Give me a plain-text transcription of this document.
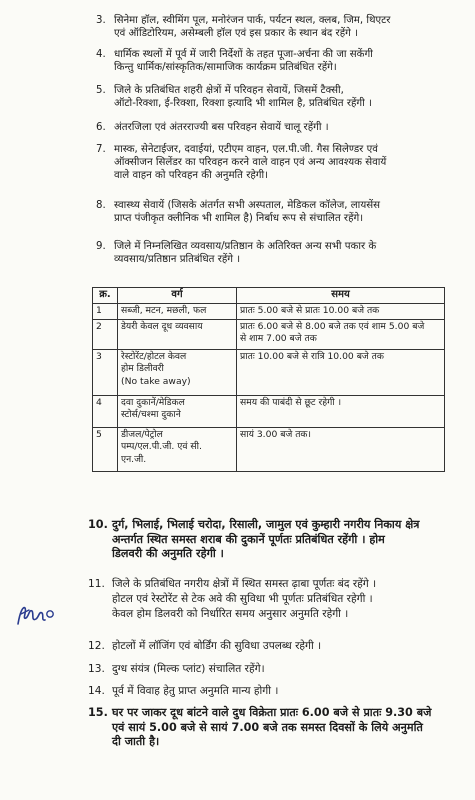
3. सिनेमा हॉल, स्वीमिंग पूल, मनोरंजन पार्क, पर्यटन स्थल, क्लब, जिम, थिएटर
एवं ऑडिटोरियम, असेम्बली हॉल एवं इस प्रकार के स्थान बंद रहेंगे ।
4. धार्मिक स्थलों में पूर्व में जारी निर्देशों के तहत पूजा-अर्चना की जा सकेंगी
किन्तु धार्मिक/सांस्कृतिक/सामाजिक कार्यक्रम प्रतिबंधित रहेंगे।
5. जिले के प्रतिबंधित शहरी क्षेत्रों में परिवहन सेवायें, जिसमें टैक्सी,
ऑटो-रिक्शा, ई-रिक्शा, रिक्शा इत्यादि भी शामिल है, प्रतिबंधित रहेंगी ।
6. अंतरजिला एवं अंतरराज्यी बस परिवहन सेवायें चालू रहेंगी ।
7. मास्क, सेनेटाईजर, दवाईयां, एटीएम वाहन, एल.पी.जी. गैस सिलेण्डर एवं
ऑक्सीजन सिलेंडर का परिवहन करने वाले वाहन एवं अन्य आवश्यक सेवायें
वाले वाहन को परिवहन की अनुमति रहेगी।
8. स्वास्थ्य सेवायें (जिसके अंतर्गत सभी अस्पताल, मेडिकल कॉलेज, लायसेंस
प्राप्त पंजीकृत क्लीनिक भी शामिल है) निर्बाध रूप से संचालित रहेंगे।
9. जिले में निम्नलिखित व्यवसाय/प्रतिष्ठान के अतिरिक्त अन्य सभी पकार के
व्यवसाय/प्रतिष्ठान प्रतिबंधित रहेंगे ।
क्र.	वर्ग	समय
1	सब्जी, मटन, मछली, फल	प्रातः 5.00 बजे से प्रातः 10.00 बजे तक

2	डेयरी केवल दूध व्यवसाय	प्रातः 6.00 बजे से 8.00 बजे तक एवं शाम 5.00 बजे
से शाम 7.00 बजे तक

3	रेस्टोरेंट/होटल केवल
होम डिलीवरी
(No take away)	प्रातः 10.00 बजे से रात्रि 10.00 बजे तक

4	दवा दुकानें/मेडिकल
स्टोर्स/चश्मा दुकाने	समय की पाबंदी से छूट रहेगी ।

5	डीजल/पेट्रोल
पम्प/एल.पी.जी. एवं सी.
एन.जी.	सायं 3.00 बजे तक।
10. दुर्ग, भिलाई, भिलाई चरोदा, रिसाली, जामुल एवं कुम्हारी नगरीय निकाय क्षेत्र
अन्तर्गत स्थित समस्त शराब की दुकानें पूर्णतः प्रतिबंधित रहेंगी । होम
डिलवरी की अनुमति रहेगी ।
11. जिले के प्रतिबंधित नगरीय क्षेत्रों में स्थित समस्त ढ़ाबा पूर्णतः बंद रहेंगे ।
होटल एवं रेस्टोरेंट से टेक अवे की सुविधा भी पूर्णतः प्रतिबंधित रहेगी ।
केवल होम डिलवरी को निर्धारित समय अनुसार अनुमति रहेगी ।
12. होटलों में लॉजिंग एवं बोर्डिंग की सुविधा उपलब्ध रहेगी ।
13. दुग्ध संयंत्र (मिल्क प्लांट) संचालित रहेंगे।
14. पूर्व में विवाह हेतु प्राप्त अनुमति मान्य होगी ।
15. घर पर जाकर दूध बांटने वाले दुध विक्रेता प्रातः 6.00 बजे से प्रातः 9.30 बजे
एवं सायं 5.00 बजे से सायं 7.00 बजे तक समस्त दिवसों के लिये अनुमति
दी जाती है।
